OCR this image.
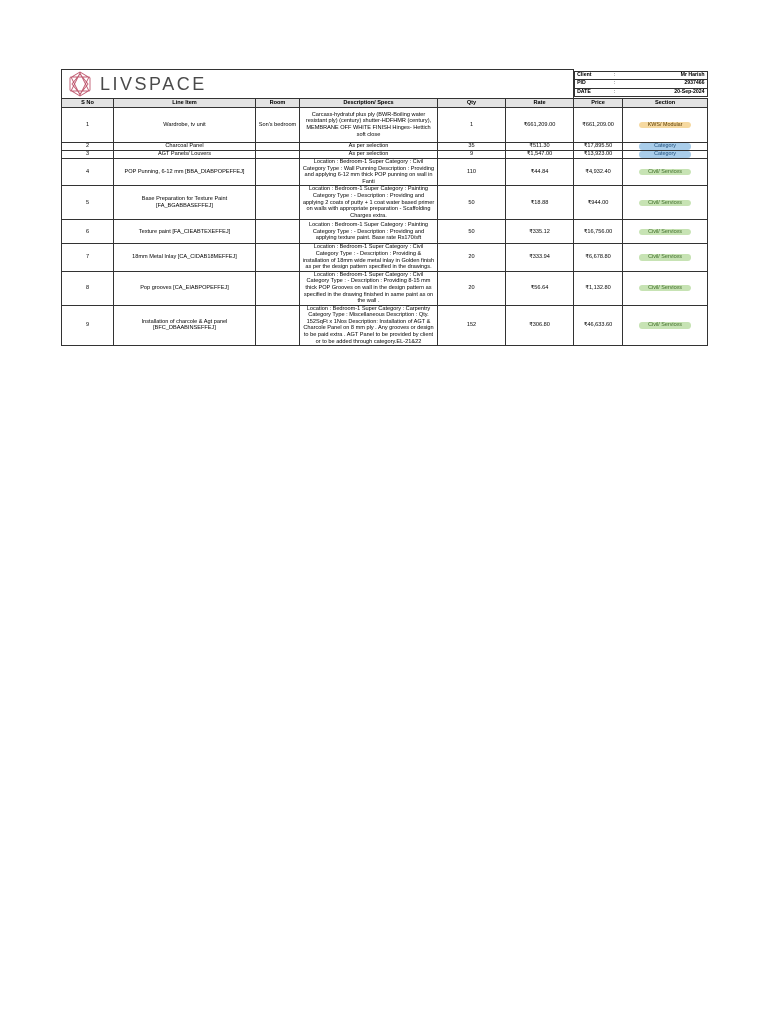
LIVSPACE
		Client	:	Mr Harish
PID	:	2937466
DATE	:	20-Sep-2024

S No	Line Item	Room	Description/ Specs	Qty	Rate	Price	Section
1	Wardrobe, tv unit	Son's bedroom	Carcass-hydratuf plus ply (BWR-Boiling water resistant ply) (century) shutter-HDFHMR (century), MEMBRANE OFF WHITE FINISH Hinges- Hettich soft close	1	₹661,209.00	₹661,209.00	KWS/ Modular
2	Charcoal Panel		As per selection	35	₹511.30	₹17,895.50	Category
3	AGT Panels/ Louvers		As per selection	9	₹1,547.00	₹13,923.00	Category
4	POP Punning, 6-12 mm [BBA_DIABPOPEFFEJ]		Location : Bedroom-1 Super Category : Civil Category Type : Wall Punning Description : Providing and applying 6-12 mm thick POP punning on wall in Fanti	110	₹44.84	₹4,932.40	Civil/ Services
5	Base Preparation for Texture Paint [FA_BGABBASEFFEJ]		Location : Bedroom-1 Super Category : Painting Category Type : - Description : Providing and applying 2 coats of putty + 1 coat water based primer on walls with appropriate preparation - Scaffolding Charges extra.	50	₹18.88	₹944.00	Civil/ Services
6	Texture paint [FA_CIEABTEXEFFEJ]		Location : Bedroom-1 Super Category : Painting Category Type : - Description : Providing and applying texture paint. Base rate Rs170/sft	50	₹335.12	₹16,756.00	Civil/ Services
7	18mm Metal Inlay [CA_CIDAB18MEFFEJ]		Location : Bedroom-1 Super Category : Civil Category Type : - Description : Providing & installation of 18mm wide metal inlay in Golden finish as per the design pattern specified in the drawings.	20	₹333.94	₹6,678.80	Civil/ Services
8	Pop grooves [CA_EIABPOPEFFEJ]		Location : Bedroom-1 Super Category : Civil Category Type : - Description : Providing 8-15 mm thick POP Grooves on wall in the design pattern as specified in the drawing finished in same paint as on the wall .	20	₹56.64	₹1,132.80	Civil/ Services
9	Installation of charcole & Agt panel [BFC_DBAABINSEFFEJ]		Location : Bedroom-1 Super Category : Carpentry Category Type : Miscellaneous Description : Qty. 152SqFt x 1Nos Description: Installation of AGT & Charcole Panel on 8 mm ply . Any grooves or design to be paid extra . AGT Panel to be provided by client or to be added through category.EL-21&22	152	₹306.80	₹46,633.60	Civil/ Services
